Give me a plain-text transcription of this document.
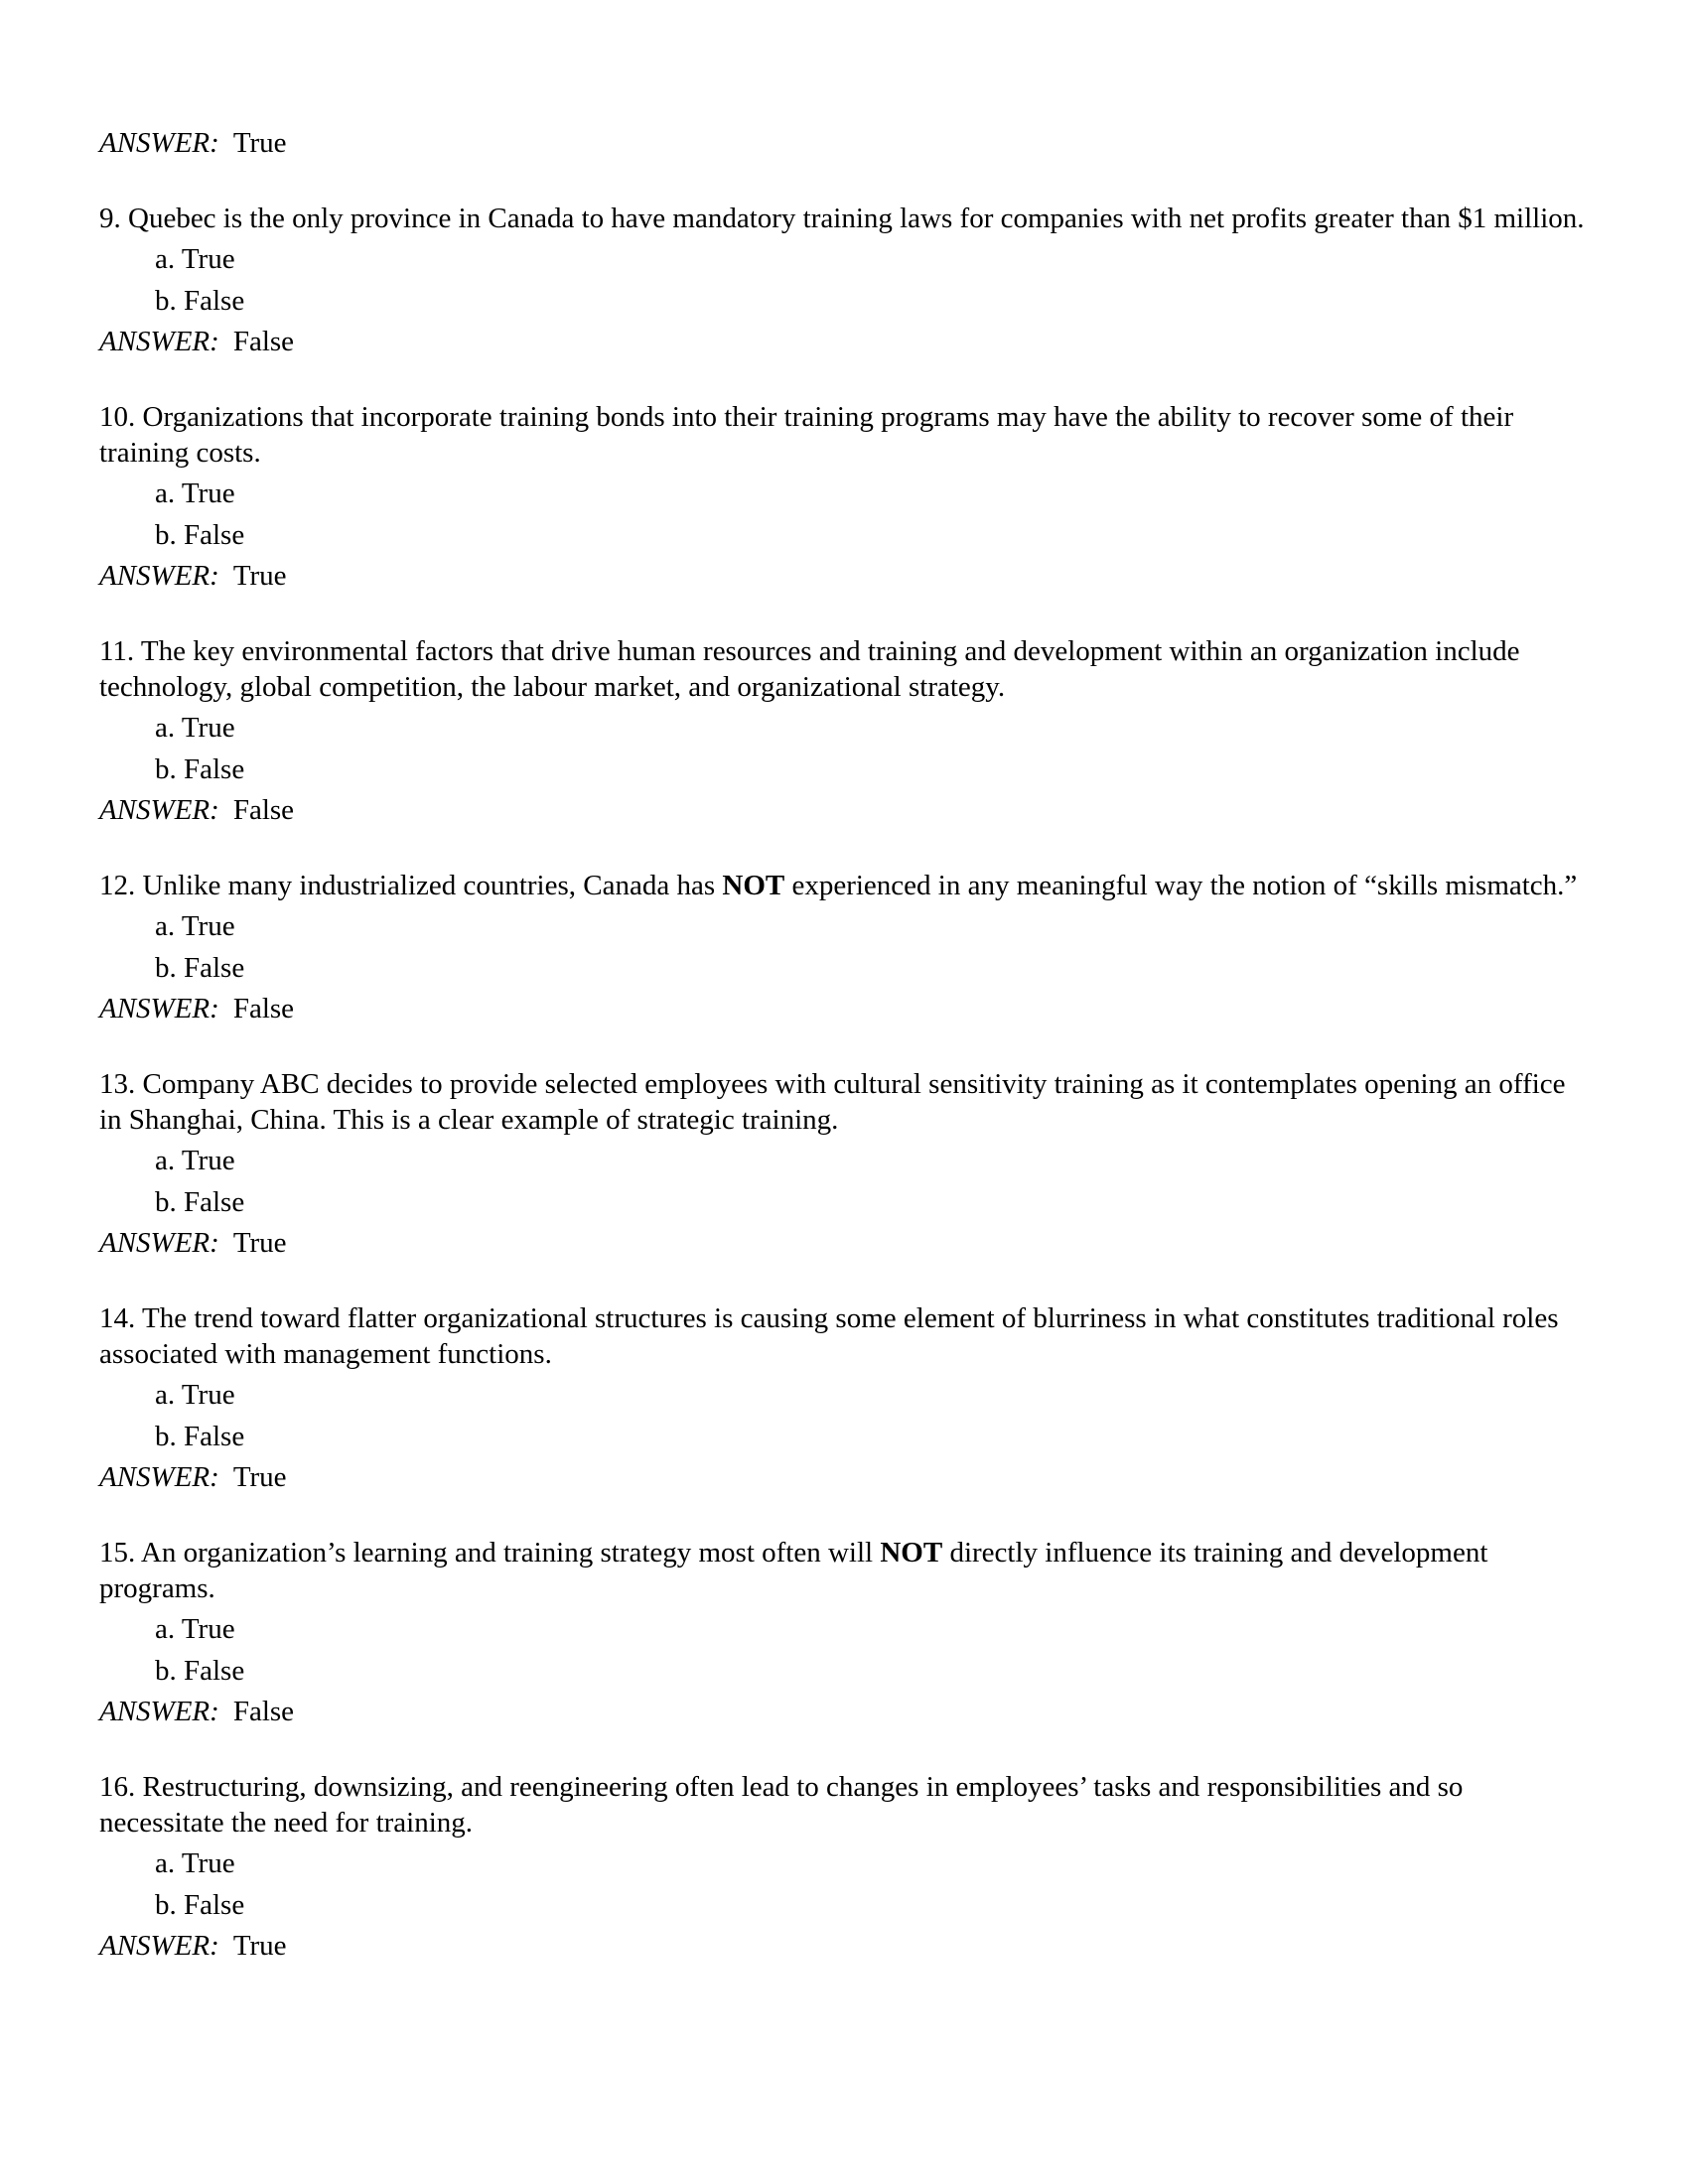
ANSWER: True
9. Quebec is the only province in Canada to have mandatory training laws for companies with net profits greater than $1 million.
a. True
b. False
ANSWER: False
10. Organizations that incorporate training bonds into their training programs may have the ability to recover some of their training costs.
a. True
b. False
ANSWER: True
11. The key environmental factors that drive human resources and training and development within an organization include technology, global competition, the labour market, and organizational strategy.
a. True
b. False
ANSWER: False
12. Unlike many industrialized countries, Canada has NOT experienced in any meaningful way the notion of “skills mismatch.”
a. True
b. False
ANSWER: False
13. Company ABC decides to provide selected employees with cultural sensitivity training as it contemplates opening an office in Shanghai, China. This is a clear example of strategic training.
a. True
b. False
ANSWER: True
14. The trend toward flatter organizational structures is causing some element of blurriness in what constitutes traditional roles associated with management functions.
a. True
b. False
ANSWER: True
15. An organization’s learning and training strategy most often will NOT directly influence its training and development programs.
a. True
b. False
ANSWER: False
16. Restructuring, downsizing, and reengineering often lead to changes in employees’ tasks and responsibilities and so necessitate the need for training.
a. True
b. False
ANSWER: True
